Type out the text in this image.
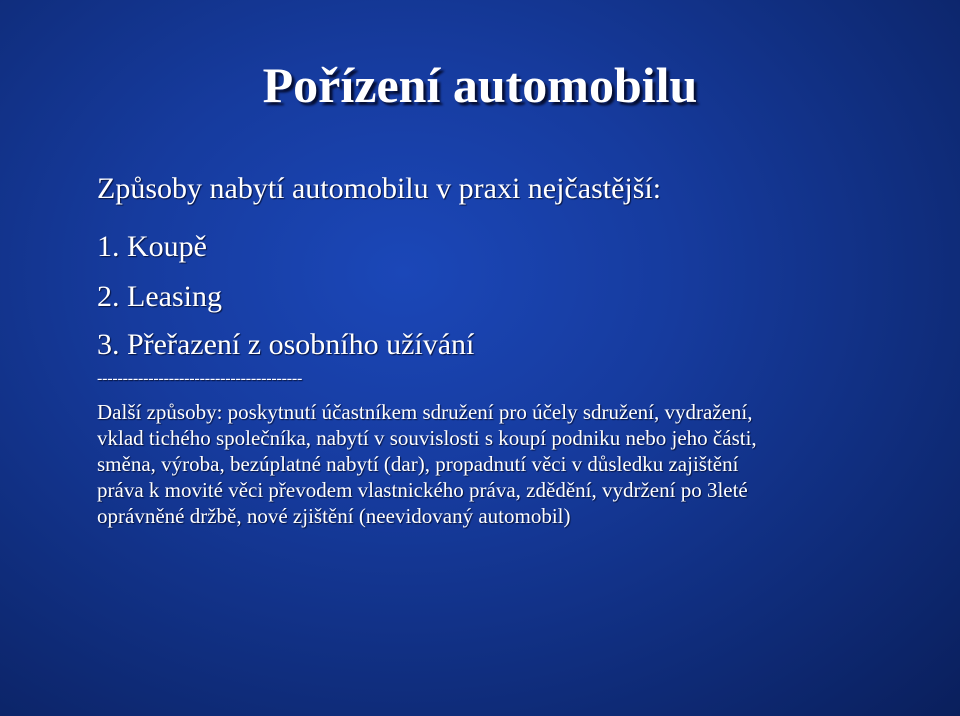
Pořízení automobilu

Způsoby nabytí automobilu v praxi nejčastější:

1. Koupě
2. Leasing
3. Přeřazení z osobního užívání
----------------------------------------
Další způsoby: poskytnutí účastníkem sdružení pro účely sdružení, vydražení,
vklad tichého společníka, nabytí v souvislosti s koupí podniku nebo jeho části,
směna, výroba, bezúplatné nabytí (dar), propadnutí věci v důsledku zajištění
práva k movité věci převodem vlastnického práva, zdědění, vydržení po 3leté
oprávněné držbě, nové zjištění (neevidovaný automobil)
